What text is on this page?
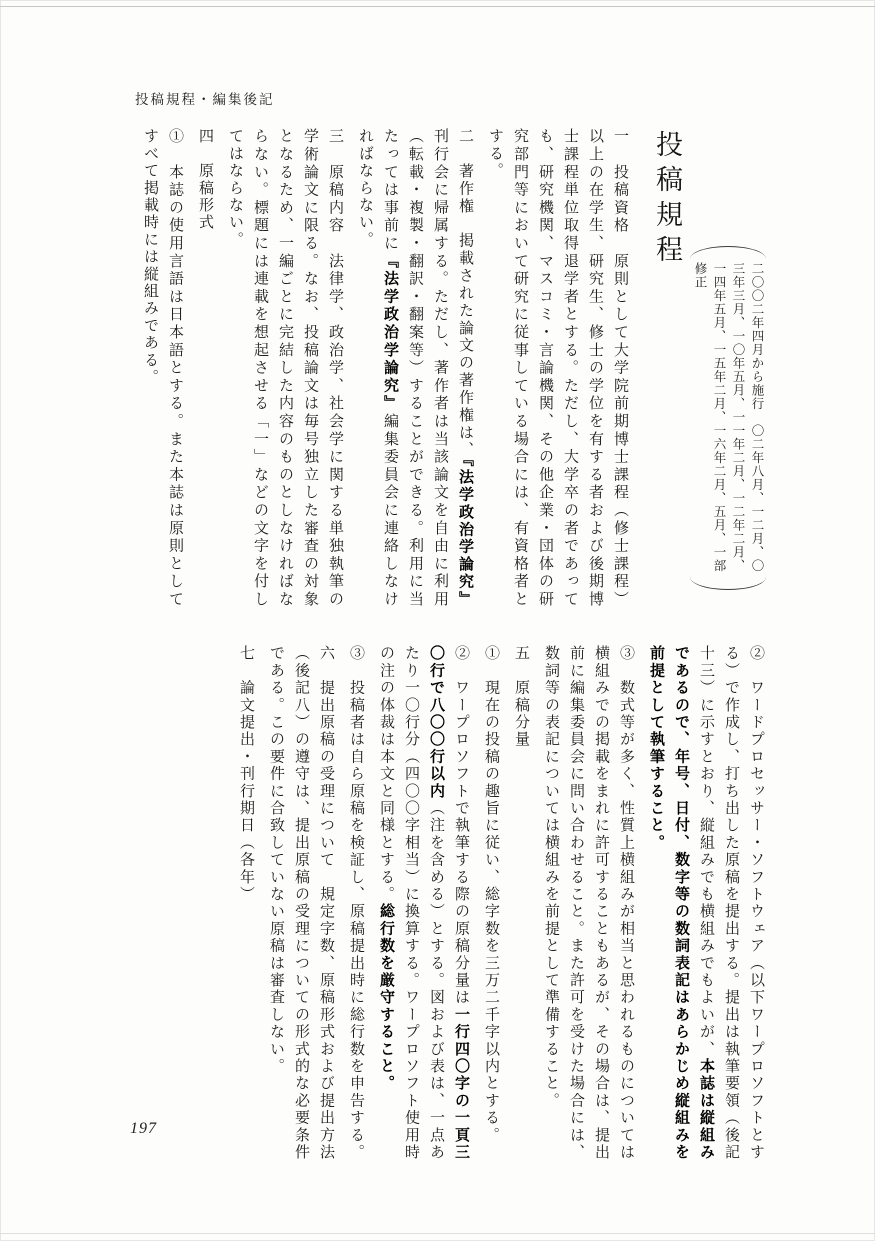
投稿規程・編集後記
投稿規程
二〇〇二年四月から施行　〇二年八月、一二月、〇三年三月、一〇年五月、一一年二月、一二年二月、一四年五月、一五年二月、一六年二月、五月、一部修正

一　投稿資格　原則として大学院前期博士課程（修士課程）以上の在学生、研究生、修士の学位を有する者および後期博士課程単位取得退学者とする。ただし、大学卒の者であっても、研究機関、マスコミ・言論機関、その他企業・団体の研究部門等において研究に従事している場合には、有資格者とする。

二　著作権　掲載された論文の著作権は、『法学政治学論究』刊行会に帰属する。ただし、著作者は当該論文を自由に利用（転載・複製・翻訳・翻案等）することができる。利用に当たっては事前に『法学政治学論究』編集委員会に連絡しなければならない。

三　原稿内容　法律学、政治学、社会学に関する単独執筆の学術論文に限る。なお、投稿論文は毎号独立した審査の対象となるため、一編ごとに完結した内容のものとしなければならない。標題には連載を想起させる「一」などの文字を付してはならない。

四　原稿形式

①　本誌の使用言語は日本語とする。また本誌は原則としてすべて掲載時には縦組みである。

②　ワードプロセッサー・ソフトウェア（以下ワープロソフトとする）で作成し、打ち出した原稿を提出する。提出は執筆要領（後記十三）に示すとおり、縦組みでも横組みでもよいが、本誌は縦組みであるので、年号、日付、数字等の数詞表記はあらかじめ縦組みを前提として執筆すること。

③　数式等が多く、性質上横組みが相当と思われるものについては横組みでの掲載をまれに許可することもあるが、その場合は、提出前に編集委員会に問い合わせること。また許可を受けた場合には、数詞等の表記については横組みを前提として準備すること。

五　原稿分量

①　現在の投稿の趣旨に従い、総字数を三万二千字以内とする。

②　ワープロソフトで執筆する際の原稿分量は一行四〇字の一頁三〇行で八〇〇行以内（注を含める）とする。図および表は、一点あたり一〇行分（四〇〇字相当）に換算する。ワープロソフト使用時の注の体裁は本文と同様とする。総行数を厳守すること。

③　投稿者は自ら原稿を検証し、原稿提出時に総行数を申告する。

六　提出原稿の受理について　規定字数、原稿形式および提出方法（後記八）の遵守は、提出原稿の受理についての形式的な必要条件である。この要件に合致していない原稿は審査しない。

七　論文提出・刊行期日（各年）

197
